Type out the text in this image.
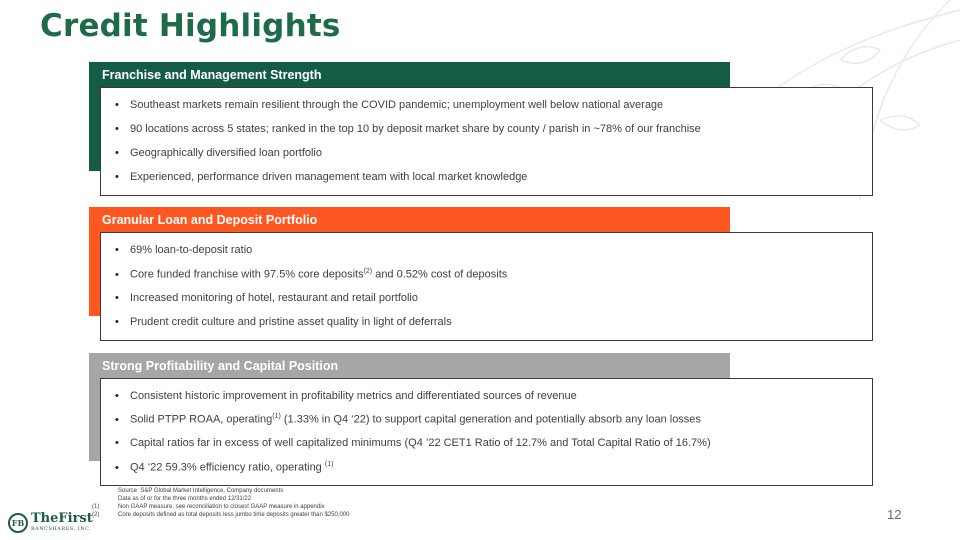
Credit Highlights
Franchise and Management Strength
• Southeast markets remain resilient through the COVID pandemic; unemployment well below national average
• 90 locations across 5 states; ranked in the top 10 by deposit market share by county / parish in ~78% of our franchise
• Geographically diversified loan portfolio
• Experienced, performance driven management team with local market knowledge
Granular Loan and Deposit Portfolio
• 69% loan-to-deposit ratio
• Core funded franchise with 97.5% core deposits$^{(2)}$ and 0.52% cost of deposits
• Increased monitoring of hotel, restaurant and retail portfolio
• Prudent credit culture and pristine asset quality in light of deferrals
Strong Profitability and Capital Position
• Consistent historic improvement in profitability metrics and differentiated sources of revenue
• Solid PTPP ROAA, operating$^{(1)}$ (1.33% in Q4 ‘22) to support capital generation and potentially absorb any loan losses
• Capital ratios far in excess of well capitalized minimums (Q4 ’22 CET1 Ratio of 12.7% and Total Capital Ratio of 16.7%)
• Q4 ‘22 59.3% efficiency ratio, operating $^{(1)}$
Source: S&P Global Market Intelligence, Company documents
Data as of or for the three months ended 12/31/22
(1)	Non GAAP measure, see reconciliation to closest GAAP measure in appendix
(2)	Core deposits defined as total deposits less jumbo time deposits greater than $250,000	12
FB TheFirst
BANCSHARES, INC.
